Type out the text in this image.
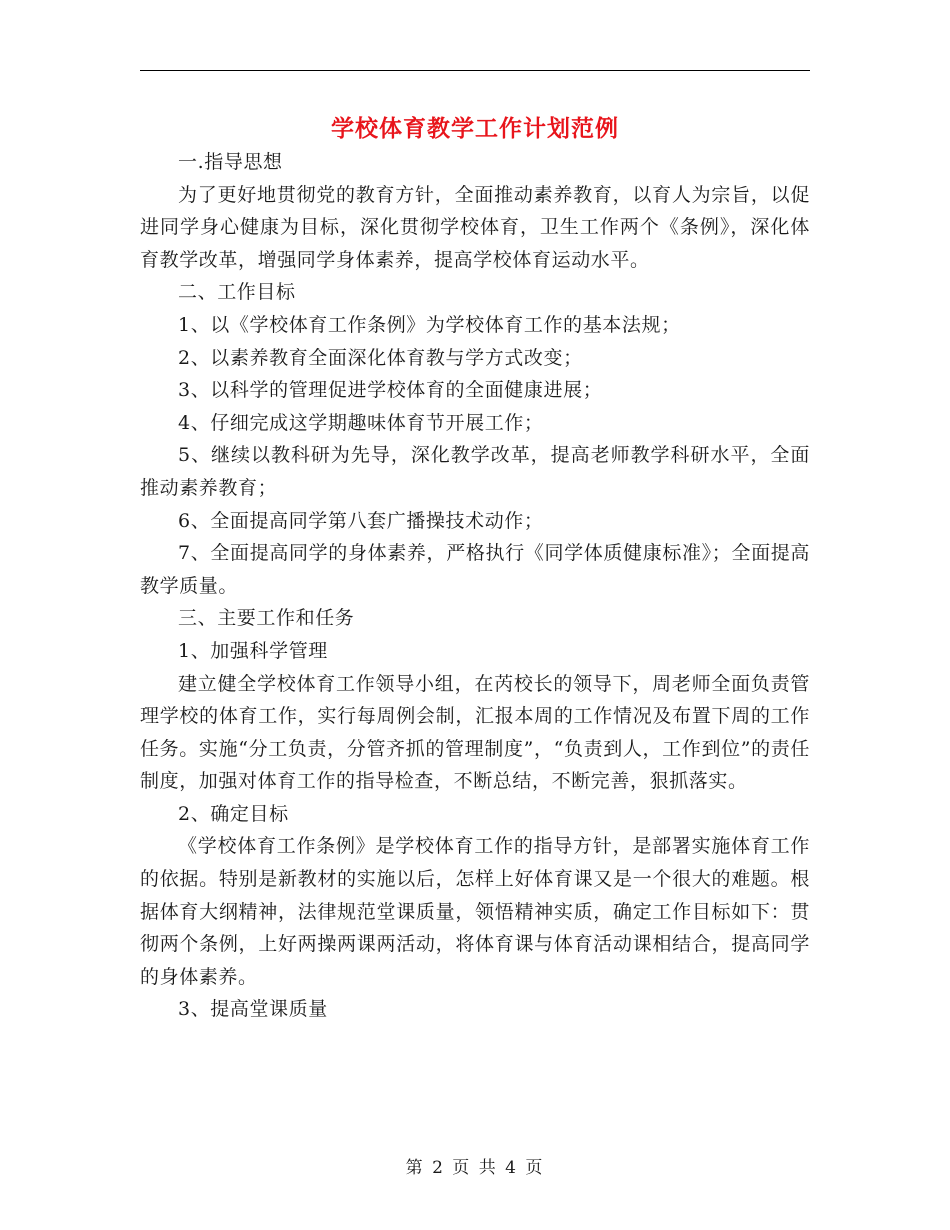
学校体育教学工作计划范例

一.指导思想

为了更好地贯彻党的教育方针，全面推动素养教育，以育人为宗旨，以促进同学身心健康为目标，深化贯彻学校体育，卫生工作两个《条例》，深化体育教学改革，增强同学身体素养，提高学校体育运动水平。

二、工作目标

1、以《学校体育工作条例》为学校体育工作的基本法规；

2、以素养教育全面深化体育教与学方式改变；

3、以科学的管理促进学校体育的全面健康进展；

4、仔细完成这学期趣味体育节开展工作；

5、继续以教科研为先导，深化教学改革，提高老师教学科研水平，全面推动素养教育；

6、全面提高同学第八套广播操技术动作；

7、全面提高同学的身体素养，严格执行《同学体质健康标准》；全面提高教学质量。

三、主要工作和任务

1、加强科学管理

建立健全学校体育工作领导小组，在芮校长的领导下，周老师全面负责管理学校的体育工作，实行每周例会制，汇报本周的工作情况及布置下周的工作任务。实施“分工负责，分管齐抓的管理制度”，“负责到人，工作到位”的责任制度，加强对体育工作的指导检查，不断总结，不断完善，狠抓落实。

2、确定目标

《学校体育工作条例》是学校体育工作的指导方针，是部署实施体育工作的依据。特别是新教材的实施以后，怎样上好体育课又是一个很大的难题。根据体育大纲精神，法律规范堂课质量，领悟精神实质，确定工作目标如下：贯彻两个条例，上好两操两课两活动，将体育课与体育活动课相结合，提高同学的身体素养。

3、提高堂课质量

第 2 页 共 4 页
